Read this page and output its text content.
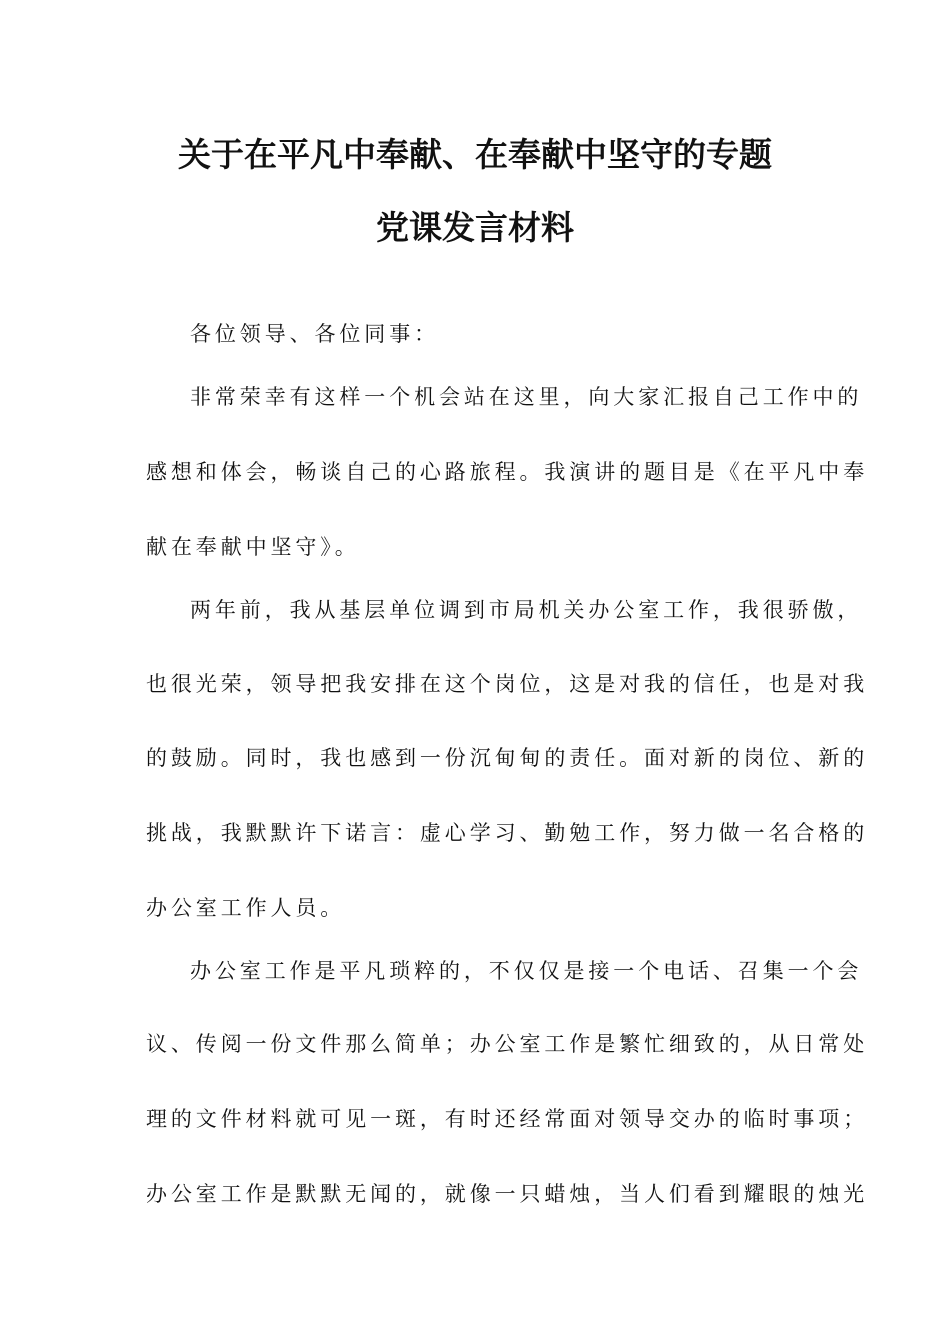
关于在平凡中奉献、在奉献中坚守的专题
党课发言材料

各位领导、各位同事：

非常荣幸有这样一个机会站在这里，向大家汇报自己工作中的

感想和体会，畅谈自己的心路旅程。我演讲的题目是《在平凡中奉

献在奉献中坚守》。

两年前，我从基层单位调到市局机关办公室工作，我很骄傲，

也很光荣，领导把我安排在这个岗位，这是对我的信任，也是对我

的鼓励。同时，我也感到一份沉甸甸的责任。面对新的岗位、新的

挑战，我默默许下诺言：虚心学习、勤勉工作，努力做一名合格的

办公室工作人员。

办公室工作是平凡琐粹的，不仅仅是接一个电话、召集一个会

议、传阅一份文件那么简单；办公室工作是繁忙细致的，从日常处

理的文件材料就可见一斑，有时还经常面对领导交办的临时事项；

办公室工作是默默无闻的，就像一只蜡烛，当人们看到耀眼的烛光
